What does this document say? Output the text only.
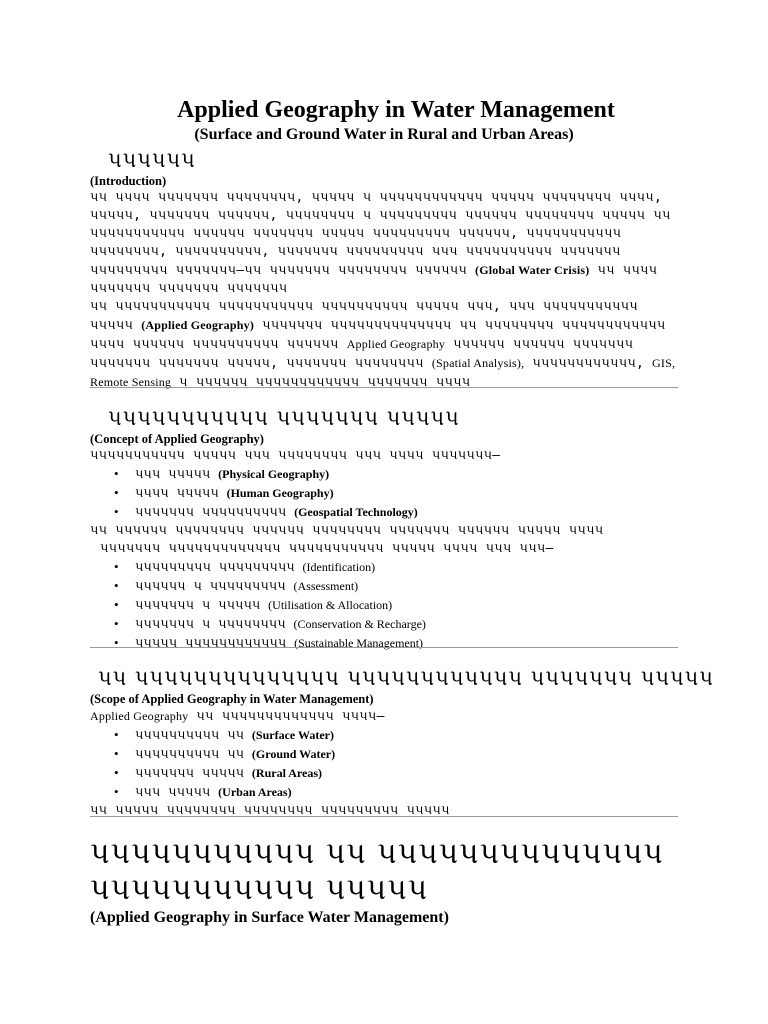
Applied Geography in Water Management
(Surface and Ground Water in Rural and Urban Areas)
પપપપપપ
(Introduction)
પપ પપપપ પપપપપપપ પપપપપપપપ, પપપપપ પ પપપપપપપપપપપપ પપપપપ પપપપપપપપ પપપપ, પપપપપ, પપપપપપપ પપપપપપ, પપપપપપપપ પ પપપપપપપપપ પપપપપપ પપપપપપપપ પપપપપ પપ પપપપપપપપપપપ પપપપપપ પપપપપપપ પપપપપ પપપપપપપપપ પપપપપપ, પપપપપપપપપપપ પપપપપપપપ, પપપપપપપપપપ, પપપપપપપ પપપપપપપપપ પપપ પપપપપપપપપપ પપપપપપપ પપપપપપપપપ પપપપપપપ—પપ પપપપપપપ પપપપપપપપ પપપપપપ (Global Water Crisis) પપ પપપપ પપપપપપપ પપપપપપપ પપપપપપપ
પપ પપપપપપપપપપપ પપપપપપપપપપપ પપપપપપપપપપ પપપપપ પપપ, પપપ પપપપપપપપપપપ પપપપપ (Applied Geography) પપપપપપપ પપપપપપપપપપપપપપ પપ પપપપપપપપ પપપપપપપપપપપપ પપપપ પપપપપપ પપપપપપપપપપ પપપપપપ Applied Geography પપપપપપ પપપપપપ પપપપપપપ પપપપપપપ પપપપપપપ પપપપપ, પપપપપપપ પપપપપપપપ (Spatial Analysis), પપપપપપપપપપપપ, GIS, Remote Sensing પ પપપપપપ પપપપપપપપપપપપ પપપપપપપ પપપપ
પપપપપપપપપપપ પપપપપપપ પપપપપ
(Concept of Applied Geography)
પપપપપપપપપપપ પપપપપ પપપ પપપપપપપપ પપપ પપપપ પપપપપપપ—
• પપપ પપપપપ (Physical Geography)
• પપપપ પપપપપ (Human Geography)
• પપપપપપપ પપપપપપપપપપ (Geospatial Technology)
પપ પપપપપપ પપપપપપપપ પપપપપપ પપપપપપપપ પપપપપપપ પપપપપપ પપપપપ પપપપ
પપપપપપપ પપપપપપપપપપપપપ પપપપપપપપપપપ પપપપપ પપપપ પપપ પપપ—
• પપપપપપપપપ પપપપપપપપપ (Identification)
• પપપપપપ પ પપપપપપપપપ (Assessment)
• પપપપપપપ પ પપપપપ (Utilisation & Allocation)
• પપપપપપપ પ પપપપપપપપ (Conservation & Recharge)
• પપપપપ પપપપપપપપપપપપ (Sustainable Management)
પપ પપપપપપપપપપપપપપ પપપપપપપપપપપપ પપપપપપપ પપપપપ
(Scope of Applied Geography in Water Management)
Applied Geography પપ પપપપપપપપપપપપપ પપપપ—
• પપપપપપપપપપ પપ (Surface Water)
• પપપપપપપપપપ પપ (Ground Water)
• પપપપપપપ પપપપપ (Rural Areas)
• પપપ પપપપપ (Urban Areas)
પપ પપપપપ પપપપપપપપ પપપપપપપપ પપપપપપપપપ પપપપપ
પપપપપપપપપપપ પપ પપપપપપપપપપપપપપ
પપપપપપપપપપપ પપપપપ
(Applied Geography in Surface Water Management)
